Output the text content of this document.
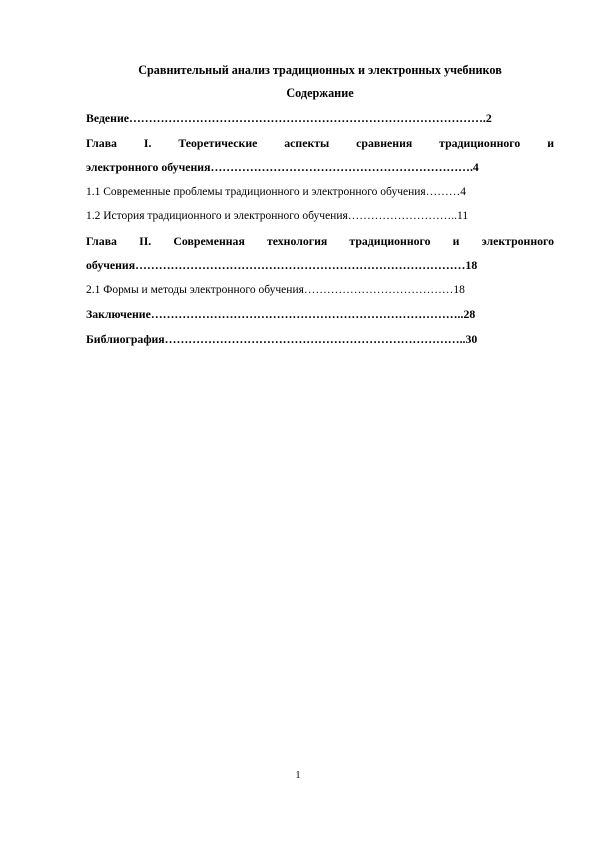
Сравнительный анализ традиционных и электронных учебников

Содержание

Ведение……………………………………………………………………………….2
Глава I. Теоретические аспекты сравнения традиционного и
электронного обучения………………………………………………………….4
1.1 Современные проблемы традиционного и электронного обучения………4
1.2 История традиционного и электронного обучения………………………..11
Глава II. Современная технология традиционного и электронного
обучения…………………………………………………………………………18
2.1 Формы и методы электронного обучения…………………………………18
Заключение……………………………………………………………………..28
Библиография…………………………………………………………………..30
1
